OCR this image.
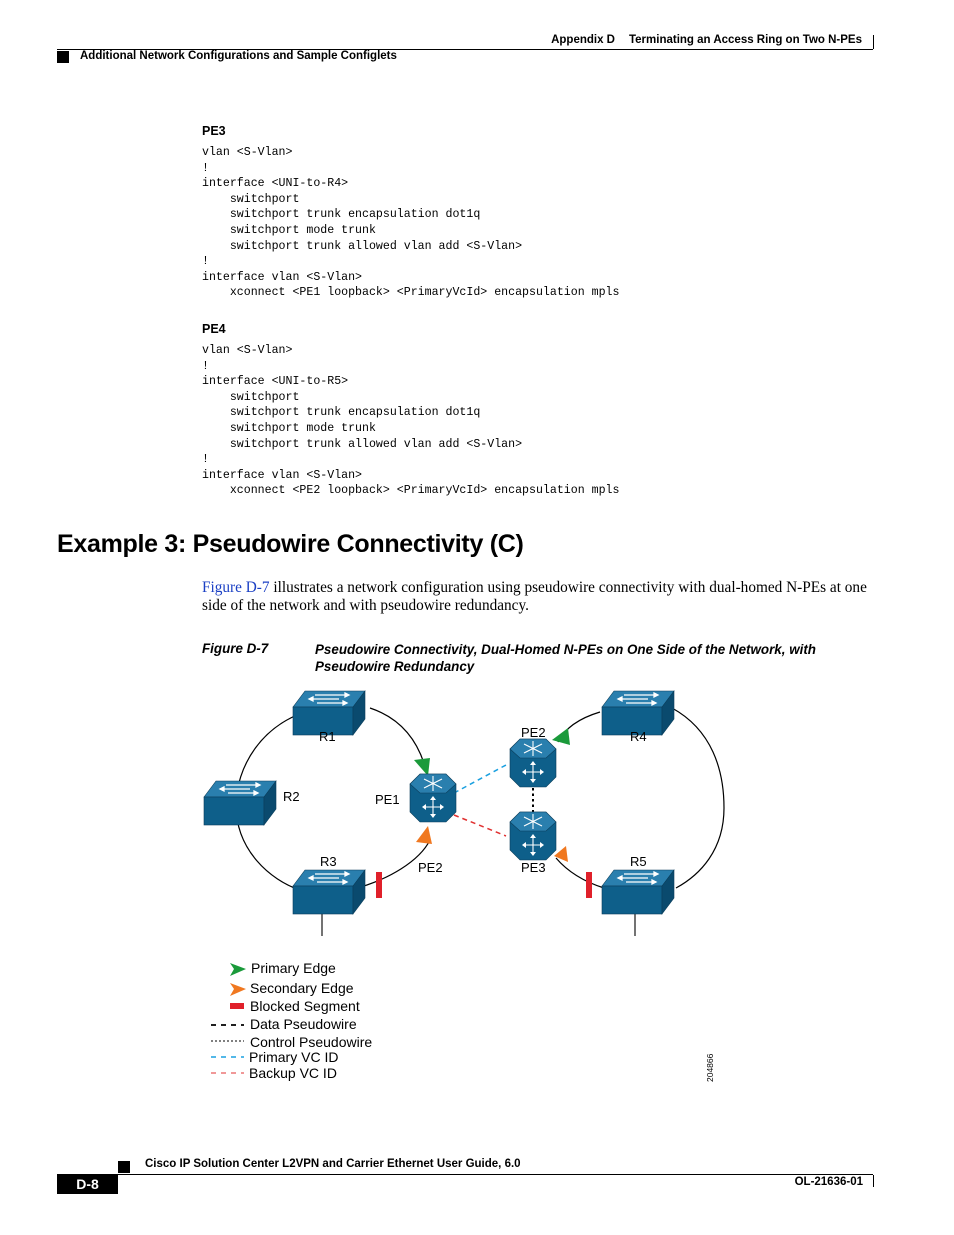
Appendix D Terminating an Access Ring on Two N-PEs
Additional Network Configurations and Sample Configlets
PE3
vlan <S-Vlan>
!
interface <UNI-to-R4>
switchport
switchport trunk encapsulation dot1q
switchport mode trunk
switchport trunk allowed vlan add <S-Vlan>
!
interface vlan <S-Vlan>
xconnect <PE1 loopback> <PrimaryVcId> encapsulation mpls
PE4
vlan <S-Vlan>
!
interface <UNI-to-R5>
switchport
switchport trunk encapsulation dot1q
switchport mode trunk
switchport trunk allowed vlan add <S-Vlan>
!
interface vlan <S-Vlan>
xconnect <PE2 loopback> <PrimaryVcId> encapsulation mpls
Example 3: Pseudowire Connectivity (C)
Figure D-7 illustrates a network configuration using pseudowire connectivity with dual-homed N-PEs at one side of the network and with pseudowire redundancy.
Figure D-7	Pseudowire Connectivity, Dual-Homed N-PEs on One Side of the Network, with Pseudowire Redundancy
R1
R2
R3
R4
R5
PE1
PE2
PE2
PE3
Primary Edge
Secondary Edge
Blocked Segment
Data Pseudowire
Control Pseudowire
Primary VC ID
Backup VC ID	204866
Cisco IP Solution Center L2VPN and Carrier Ethernet User Guide, 6.0
D-8	OL-21636-01
